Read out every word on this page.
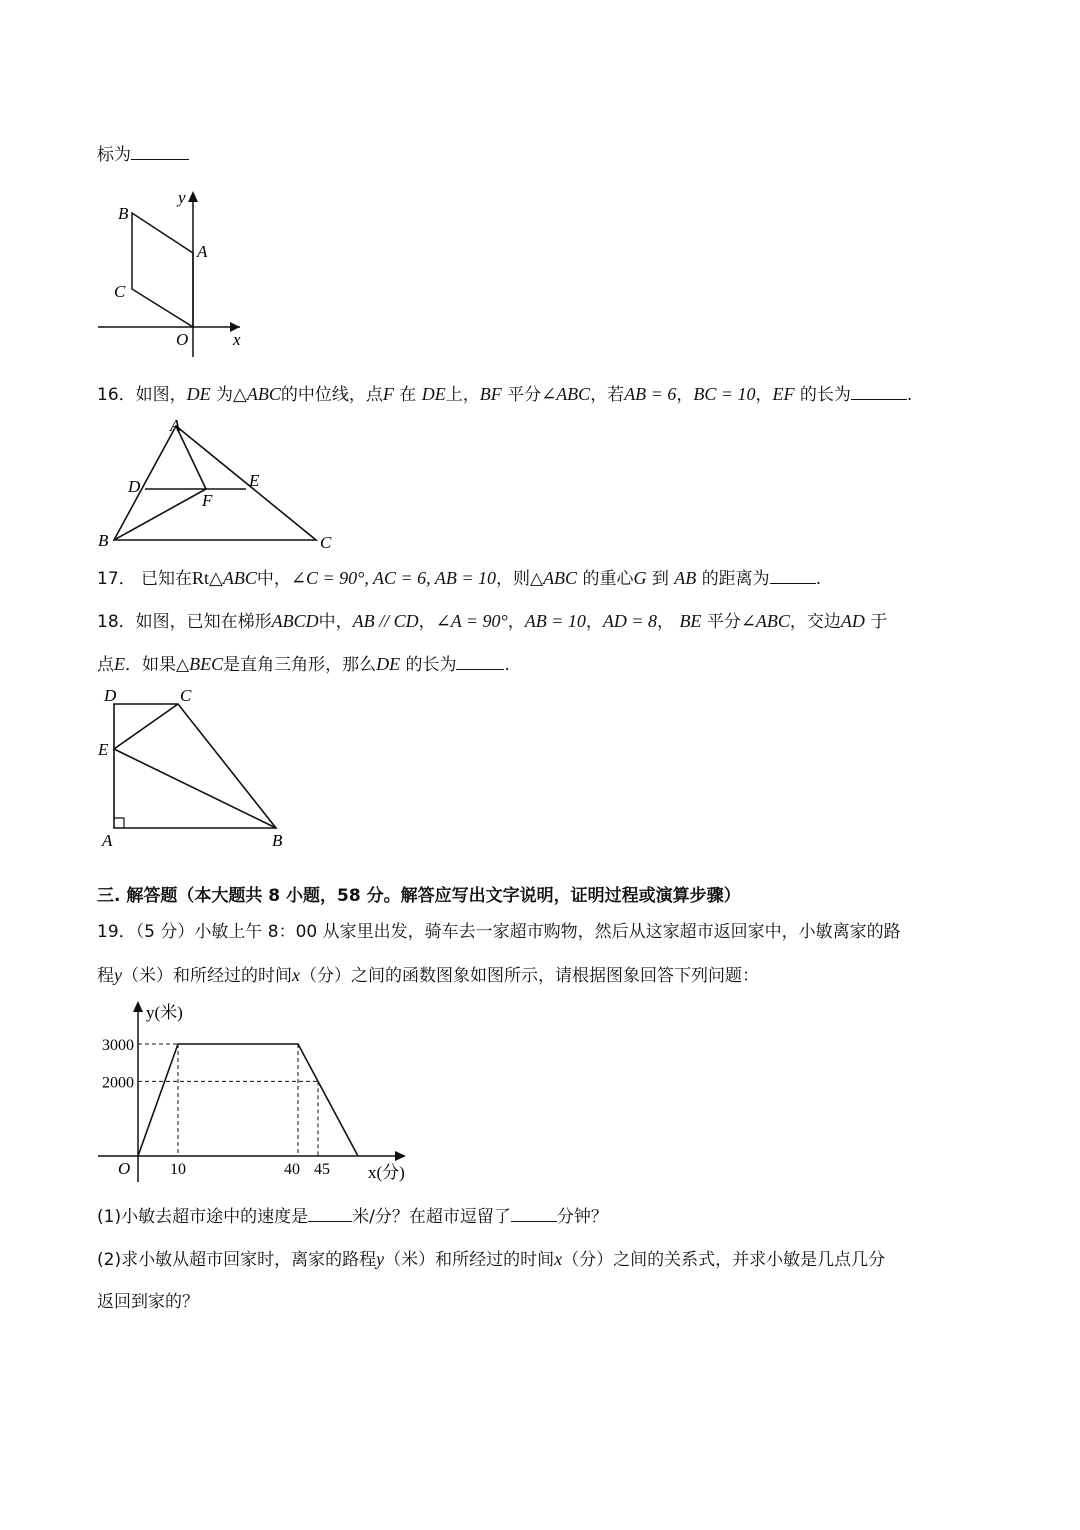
标为
B
A
C
O	x
y
16．如图，DE 为△ABC的中位线，点F 在 DE上，BF 平分∠ABC，若AB = 6，BC = 10，EF 的长为	.
A
B	C
D	E
F
17． 已知在Rt△ABC中，∠C = 90°, AC = 6, AB = 10，则△ABC 的重心G 到 AB 的距离为	.
18．如图，已知在梯形ABCD中，AB // CD，∠A = 90°，AB = 10，AD = 8， BE 平分∠ABC，交边AD 于
点E．如果△BEC是直角三角形，那么DE 的长为	.
D	C
E
A	B
三. 解答题（本大题共 8 小题，58 分。解答应写出文字说明，证明过程或演算步骤）
19．（5 分）小敏上午 8：00 从家里出发，骑车去一家超市购物，然后从这家超市返回家中，小敏离家的路
程y（米）和所经过的时间x（分）之间的函数图象如图所示，请根据图象回答下列问题：
10	40 45
3000
2000
y(米)
x(分)
O
(1)小敏去超市途中的速度是	米/分？在超市逗留了	分钟？
(2)求小敏从超市回家时，离家的路程y（米）和所经过的时间x（分）之间的关系式，并求小敏是几点几分
返回到家的？
